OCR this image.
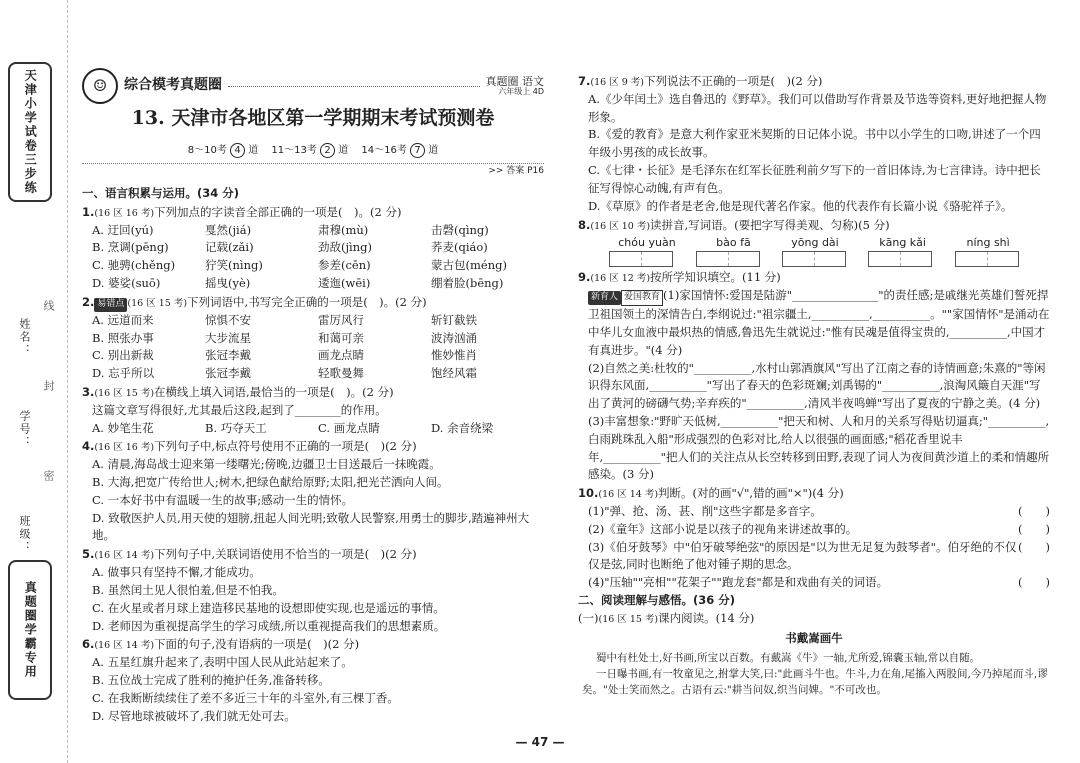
天津小学试卷三步练
姓名：
线
封
学号：
密
班级：
真题圈学霸专用
☺	综合模考真题圈	真题圈 语文
六年级上 4D
13. 天津市各地区第一学期期末考试预测卷
8～10考 4 道　 11～13考 2 道　 14～16考 7 道
>> 答案 P16
一、语言积累与运用。(34 分)
1.(16 区 16 考)下列加点的字读音全部正确的一项是(　)。(2 分)
A. 迂回(yú)	戛然(jiá)	肃穆(mù)	击磬(qìng)
B. 烹调(pēng)	记载(zǎi)	劲敌(jìng)	荞麦(qiáo)
C. 驰骋(chěng)	狞笑(nìng)	参差(cēn)	蒙古包(méng)
D. 婆娑(suō)	摇曳(yè)	逶迤(wēi)	绷着脸(bēng)
2. 易错点 (16 区 15 考)下列词语中,书写完全正确的一项是(　)。(2 分)
A. 远道而来	惊惧不安	雷厉风行	斩钉截铁
B. 照张办事	大步流星	和蔼可亲	波涛汹涌
C. 别出新裁	张冠李戴	画龙点睛	惟妙惟肖
D. 忘乎所以	张冠李戴	轻歌曼舞	饱经风霜
3.(16 区 15 考)在横线上填入词语,最恰当的一项是(　)。(2 分)
这篇文章写得很好,尤其最后这段,起到了________的作用。
A. 妙笔生花	B. 巧夺天工	C. 画龙点睛	D. 余音绕梁
4.(16 区 16 考)下列句子中,标点符号使用不正确的一项是(　)(2 分)
A. 清晨,海岛战士迎来第一缕曙光;傍晚,边疆卫士目送最后一抹晚霞。
B. 大海,把宽广传给世人;树木,把绿色献给原野;太阳,把光芒洒向人间。
C. 一本好书中有温暖一生的故事;感动一生的情怀。
D. 致敬医护人员,用天使的翅膀,扭起人间光明;致敬人民警察,用勇士的脚步,踏遍神州大地。
5.(16 区 14 考)下列句子中,关联词语使用不恰当的一项是(　)(2 分)
A. 做事只有坚持不懈,才能成功。
B. 虽然闰土见人很怕羞,但是不怕我。
C. 在火星或者月球上建造移民基地的设想即使实现,也是遥远的事情。
D. 老师因为重视提高学生的学习成绩,所以重视提高我们的思想素质。
6.(16 区 14 考)下面的句子,没有语病的一项是(　)(2 分)
A. 五星红旗升起来了,表明中国人民从此站起来了。
B. 五位战士完成了胜利的掩护任务,准备转移。
C. 在我断断续续住了差不多近三十年的斗室外,有三棵丁香。
D. 尽管地球被破坏了,我们就无处可去。
7.(16 区 9 考)下列说法不正确的一项是(　)(2 分)
A.《少年闰土》选自鲁迅的《野草》。我们可以借助写作背景及节选等资料,更好地把握人物形象。
B.《爱的教育》是意大利作家亚米契斯的日记体小说。书中以小学生的口吻,讲述了一个四年级小男孩的成长故事。
C.《七律・长征》是毛泽东在红军长征胜利前夕写下的一首旧体诗,为七言律诗。诗中把长征写得惊心动魄,有声有色。
D.《草原》的作者是老舍,他是现代著名作家。他的代表作有长篇小说《骆驼祥子》。
8.(16 区 10 考)读拼音,写词语。(要把字写得美观、匀称)(5 分)
chóu yuàn	bào fā	yōng dài	kāng kǎi	níng shì
9.(16 区 12 考)按所学知识填空。(11 分)
新育人 爱国教育 (1)家国情怀:爱国是陆游"_______________"的责任感;是戚继光英雄们誓死捍卫祖国领土的深情告白,李纲说过:"祖宗疆土,__________,__________。""家国情怀"是涌动在中华儿女血液中最炽热的情感,鲁迅先生就说过:"惟有民魂是值得宝贵的,__________,中国才有真进步。"(4 分)
(2)自然之美:杜牧的"__________,水村山郭酒旗风"写出了江南之春的诗情画意;朱熹的"等闲识得东风面,__________"写出了春天的色彩斑斓;刘禹锡的"__________,浪淘风簸自天涯"写出了黄河的磅礴气势;辛弃疾的"__________,清风半夜鸣蝉"写出了夏夜的宁静之美。(4 分)
(3)丰富想象:"野旷天低树,__________"把天和树、人和月的关系写得贴切逼真;"__________,白雨跳珠乱入船"形成强烈的色彩对比,给人以很强的画面感;"稻花香里说丰年,__________"把人们的关注点从长空转移到田野,表现了词人为夜间黄沙道上的柔和情趣所感染。(3 分)
10.(16 区 14 考)判断。(对的画"√",错的画"×")(4 分)
(1)"弹、抢、汤、甚、削"这些字都是多音字。	(　　)
(2)《童年》这部小说是以孩子的视角来讲述故事的。	(　　)
(3)《伯牙鼓琴》中"伯牙破琴绝弦"的原因是"以为世无足复为鼓琴者"。伯牙绝的不仅仅是弦,同时也断绝了他对锺子期的思念。
(　　)
(4)"压轴""亮相""花架子""跑龙套"都是和戏曲有关的词语。	(　　)
二、阅读理解与感悟。(36 分)
(一)(16 区 15 考)课内阅读。(14 分)
书戴嵩画牛
蜀中有杜处士,好书画,所宝以百数。有戴嵩《牛》一轴,尤所爱,锦囊玉轴,常以自随。
一日曝书画,有一牧童见之,拊掌大笑,曰:"此画斗牛也。牛斗,力在角,尾搐入两股间,今乃掉尾而斗,谬矣。"处士笑而然之。古语有云:"耕当问奴,织当问婢。"不可改也。
— 47 —
